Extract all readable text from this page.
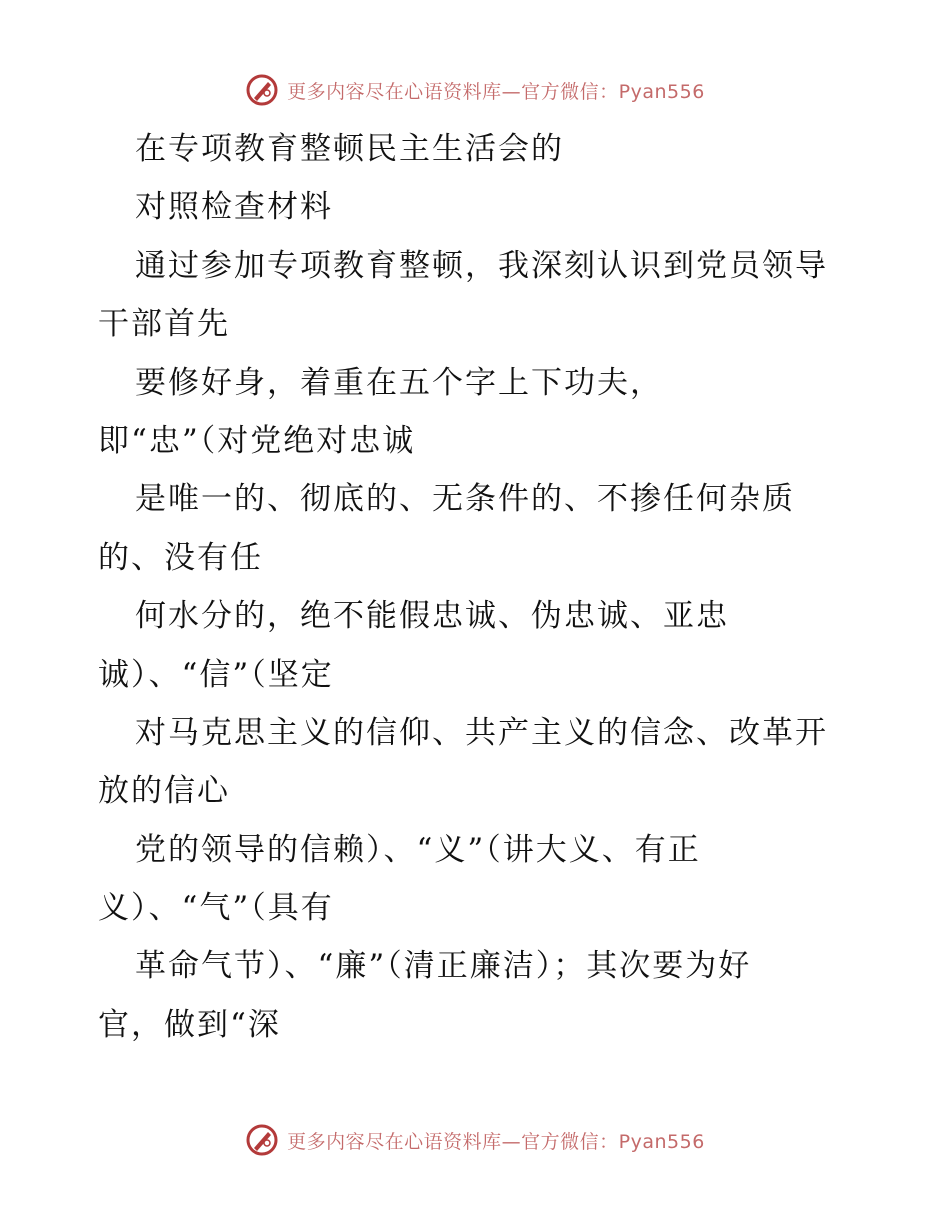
更多内容尽在心语资料库—官方微信：Pyan556
在专项教育整顿民主生活会的
对照检查材料
通过参加专项教育整顿，我深刻认识到党员领导
干部首先
要修好身，着重在五个字上下功夫，
即“忠”（对党绝对忠诚
是唯一的、彻底的、无条件的、不掺任何杂质
的、没有任
何水分的，绝不能假忠诚、伪忠诚、亚忠
诚）、“信”（坚定
对马克思主义的信仰、共产主义的信念、改革开
放的信心
党的领导的信赖）、“义”（讲大义、有正
义）、“气”（具有
革命气节）、“廉”（清正廉洁）；其次要为好
官，做到“深
更多内容尽在心语资料库—官方微信：Pyan556
